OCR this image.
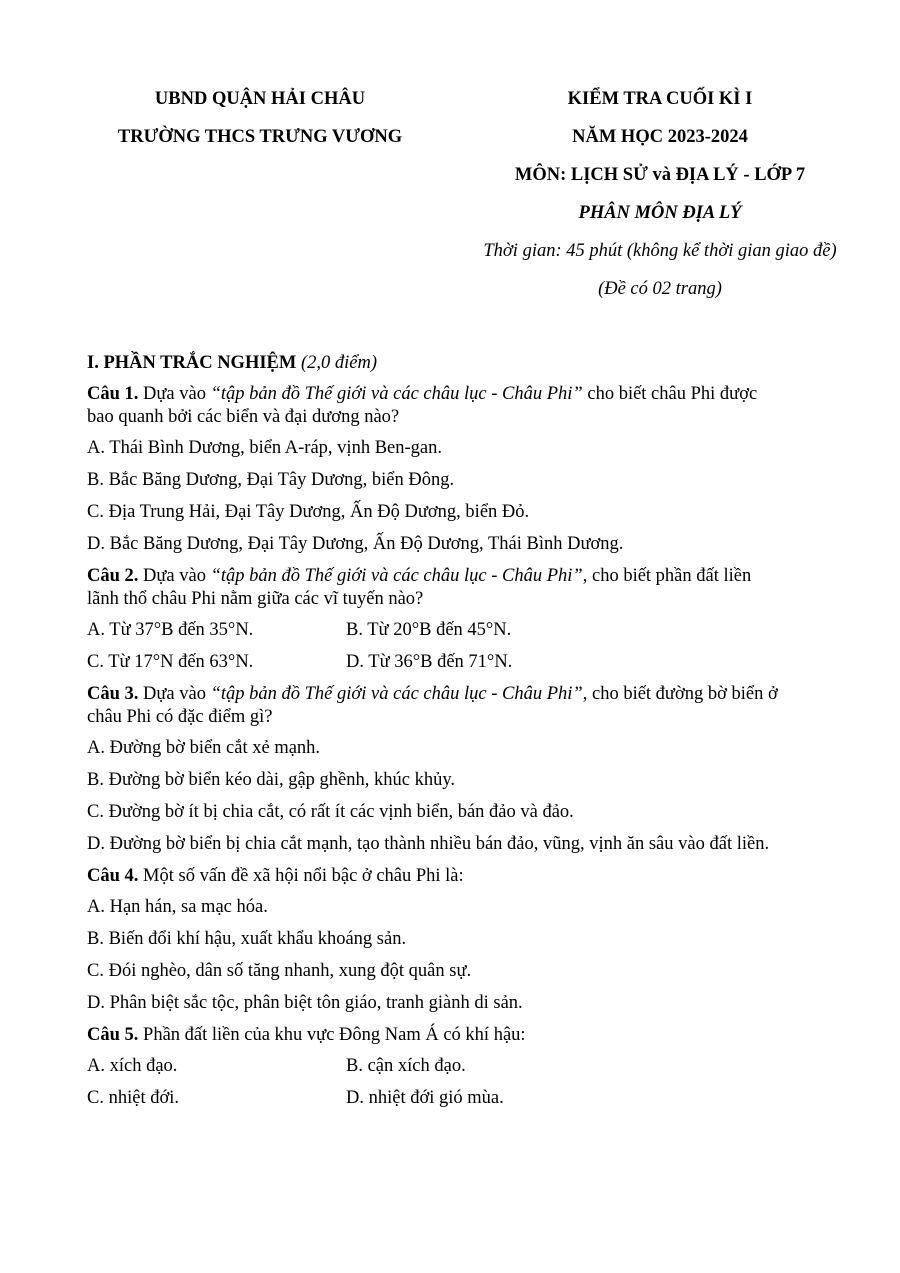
UBND QUẬN HẢI CHÂU
TRƯỜNG THCS TRƯNG VƯƠNG
KIỂM TRA CUỐI KÌ I
NĂM HỌC 2023-2024
MÔN: LỊCH SỬ và ĐỊA LÝ - LỚP 7
PHÂN MÔN ĐỊA LÝ
Thời gian: 45 phút (không kể thời gian giao đề)
(Đề có 02 trang)
I. PHẦN TRẮC NGHIỆM (2,0 điểm)
Câu 1. Dựa vào “tập bản đồ Thế giới và các châu lục - Châu Phi” cho biết châu Phi được
bao quanh bởi các biển và đại dương nào?
A. Thái Bình Dương, biển A-ráp, vịnh Ben-gan.
B. Bắc Băng Dương, Đại Tây Dương, biển Đông.
C. Địa Trung Hải, Đại Tây Dương, Ấn Độ Dương, biển Đỏ.
D. Bắc Băng Dương, Đại Tây Dương, Ấn Độ Dương, Thái Bình Dương.
Câu 2. Dựa vào “tập bản đồ Thế giới và các châu lục - Châu Phi”, cho biết phần đất liền
lãnh thổ châu Phi nằm giữa các vĩ tuyến nào?
A. Từ 37°B đến 35°N.	B. Từ 20°B đến 45°N.
C. Từ 17°N đến 63°N.	D. Từ 36°B đến 71°N.
Câu 3. Dựa vào “tập bản đồ Thế giới và các châu lục - Châu Phi”, cho biết đường bờ biển ở
châu Phi có đặc điểm gì?
A. Đường bờ biển cắt xẻ mạnh.
B. Đường bờ biển kéo dài, gập ghềnh, khúc khủy.
C. Đường bờ ít bị chia cắt, có rất ít các vịnh biển, bán đảo và đảo.
D. Đường bờ biển bị chia cắt mạnh, tạo thành nhiều bán đảo, vũng, vịnh ăn sâu vào đất liền.
Câu 4. Một số vấn đề xã hội nổi bậc ở châu Phi là:
A. Hạn hán, sa mạc hóa.
B. Biến đổi khí hậu, xuất khẩu khoáng sản.
C. Đói nghèo, dân số tăng nhanh, xung đột quân sự.
D. Phân biệt sắc tộc, phân biệt tôn giáo, tranh giành di sản.
Câu 5. Phần đất liền của khu vực Đông Nam Á có khí hậu:
A. xích đạo.	B. cận xích đạo.
C. nhiệt đới.	D. nhiệt đới gió mùa.
